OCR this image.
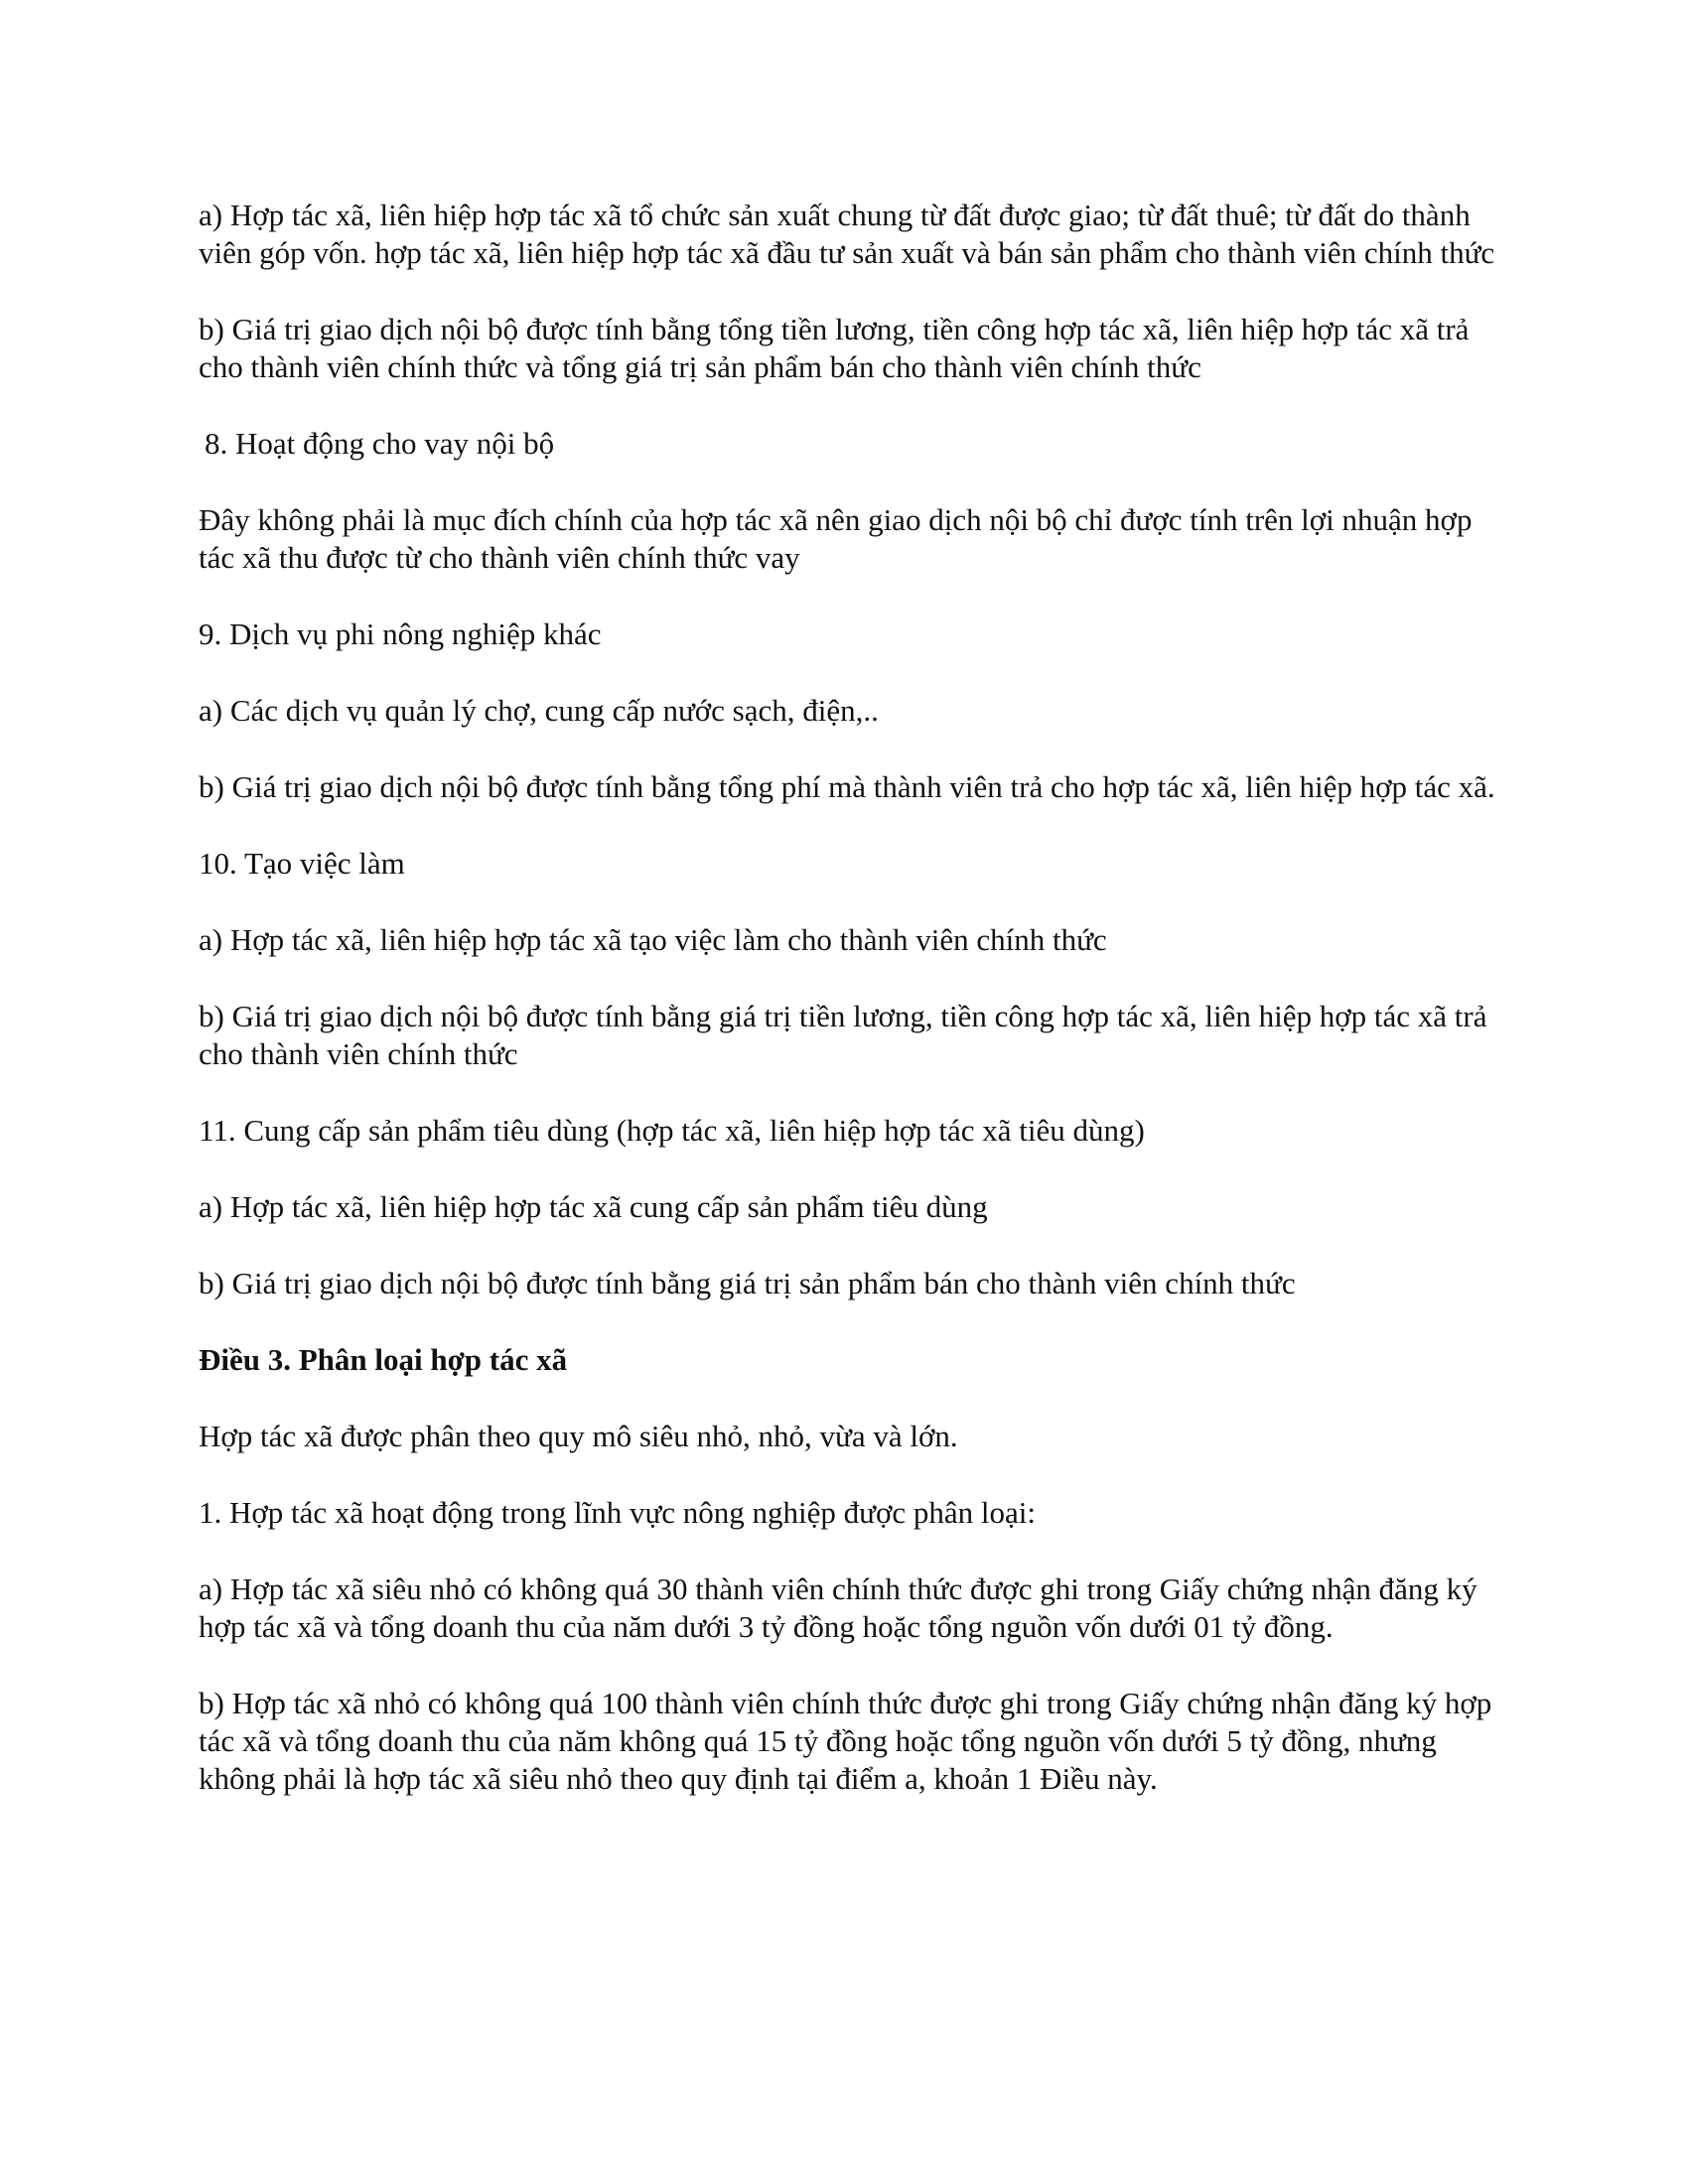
a) Hợp tác xã, liên hiệp hợp tác xã tổ chức sản xuất chung từ đất được giao; từ đất thuê; từ đất do thành viên góp vốn. hợp tác xã, liên hiệp hợp tác xã đầu tư sản xuất và bán sản phẩm cho thành viên chính thức

b) Giá trị giao dịch nội bộ được tính bằng tổng tiền lương, tiền công hợp tác xã, liên hiệp hợp tác xã trả cho thành viên chính thức và tổng giá trị sản phẩm bán cho thành viên chính thức

8. Hoạt động cho vay nội bộ

Đây không phải là mục đích chính của hợp tác xã nên giao dịch nội bộ chỉ được tính trên lợi nhuận hợp tác xã thu được từ cho thành viên chính thức vay

9. Dịch vụ phi nông nghiệp khác

a) Các dịch vụ quản lý chợ, cung cấp nước sạch, điện,..

b) Giá trị giao dịch nội bộ được tính bằng tổng phí mà thành viên trả cho hợp tác xã, liên hiệp hợp tác xã.

10. Tạo việc làm

a) Hợp tác xã, liên hiệp hợp tác xã tạo việc làm cho thành viên chính thức

b) Giá trị giao dịch nội bộ được tính bằng giá trị tiền lương, tiền công hợp tác xã, liên hiệp hợp tác xã trả cho thành viên chính thức

11. Cung cấp sản phẩm tiêu dùng (hợp tác xã, liên hiệp hợp tác xã tiêu dùng)

a) Hợp tác xã, liên hiệp hợp tác xã cung cấp sản phẩm tiêu dùng

b) Giá trị giao dịch nội bộ được tính bằng giá trị sản phẩm bán cho thành viên chính thức

Điều 3. Phân loại hợp tác xã

Hợp tác xã được phân theo quy mô siêu nhỏ, nhỏ, vừa và lớn.

1. Hợp tác xã hoạt động trong lĩnh vực nông nghiệp được phân loại:

a) Hợp tác xã siêu nhỏ có không quá 30 thành viên chính thức được ghi trong Giấy chứng nhận đăng ký hợp tác xã và tổng doanh thu của năm dưới 3 tỷ đồng hoặc tổng nguồn vốn dưới 01 tỷ đồng.

b) Hợp tác xã nhỏ có không quá 100 thành viên chính thức được ghi trong Giấy chứng nhận đăng ký hợp tác xã và tổng doanh thu của năm không quá 15 tỷ đồng hoặc tổng nguồn vốn dưới 5 tỷ đồng, nhưng không phải là hợp tác xã siêu nhỏ theo quy định tại điểm a, khoản 1 Điều này.
